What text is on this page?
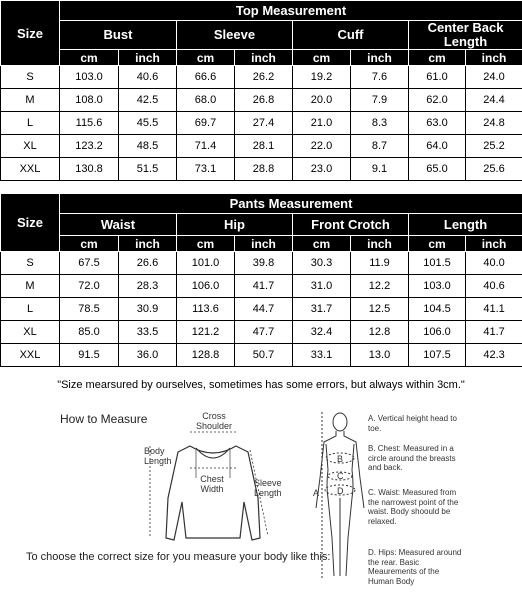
Size	Top Measurement							
	Bust		Sleeve		Cuff		Center Back Length	
	cm	inch	cm	inch	cm	inch	cm	inch
S	103.0	40.6	66.6	26.2	19.2	7.6	61.0	24.0
M	108.0	42.5	68.0	26.8	20.0	7.9	62.0	24.4
L	115.6	45.5	69.7	27.4	21.0	8.3	63.0	24.8
XL	123.2	48.5	71.4	28.1	22.0	8.7	64.0	25.2
XXL	130.8	51.5	73.1	28.8	23.0	9.1	65.0	25.6
Size	Pants Measurement							
	Waist		Hip		Front Crotch		Length	
	cm	inch	cm	inch	cm	inch	cm	inch
S	67.5	26.6	101.0	39.8	30.3	11.9	101.5	40.0
M	72.0	28.3	106.0	41.7	31.0	12.2	103.0	40.6
L	78.5	30.9	113.6	44.7	31.7	12.5	104.5	41.1
XL	85.0	33.5	121.2	47.7	32.4	12.8	106.0	41.7
XXL	91.5	36.0	128.8	50.7	33.1	13.0	107.5	42.3
"Size mearsured by ourselves, sometimes has some errors, but always within 3cm."
How to Measure	Cross Shoulder
Body Length
Chest Width
Sleeve Length	A
B
C
D
A. Vertical height head to toe.
B. Chest: Measured in a circle around the breasts and back.
C. Waist: Measured from the narrowest point of the waist. Body shoould be relaxed.
D. Hips: Measured around the rear. Basic Meaurements of the Human Body
To choose the correct size for you measure your body like this:
